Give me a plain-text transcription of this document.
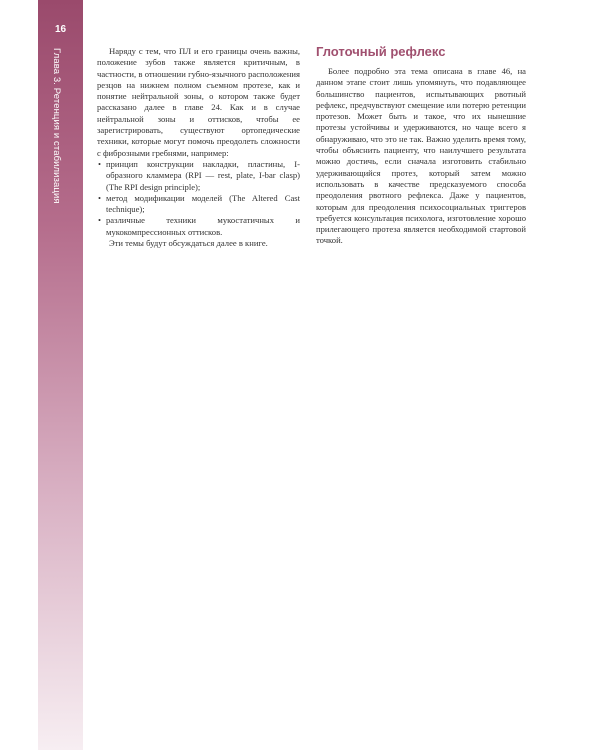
16
Глава 3. Ретенция и стабилизация	Наряду с тем, что ПЛ и его границы очень важны, положение зубов также является критичным, в частности, в отношении губно-язычного расположения резцов на нижнем полном съемном протезе, как и понятие нейтральной зоны, о котором также будет рассказано далее в главе 24. Как и в случае нейтральной зоны и оттисков, чтобы ее зарегистрировать, существуют ортопедические техники, которые могут помочь преодолеть сложности с фиброзными гребнями, например:

• принцип конструкции накладки, пластины, I-образного кламмера (RPI — rest, plate, I-bar clasp) (The RPI design principle);
• метод модификации моделей (The Altered Cast technique);
• различные техники мукостатичных и мукокомпрессионных оттисков.

Эти темы будут обсуждаться далее в книге.

Глоточный рефлекс

Более подробно эта тема описана в главе 46, на данном этапе стоит лишь упомянуть, что подавляющее большинство пациентов, испытывающих рвотный рефлекс, предчувствуют смещение или потерю ретенции протезов. Может быть и такое, что их нынешние протезы устойчивы и удерживаются, но чаще всего я обнаруживаю, что это не так. Важно уделить время тому, чтобы объяснить пациенту, что наилучшего результата можно достичь, если сначала изготовить стабильно удерживающийся протез, который затем можно использовать в качестве предсказуемого способа преодоления рвотного рефлекса. Даже у пациентов, которым для преодоления психосоциальных триггеров требуется консультация психолога, изготовление хорошо прилегающего протеза является необходимой стартовой точкой.
